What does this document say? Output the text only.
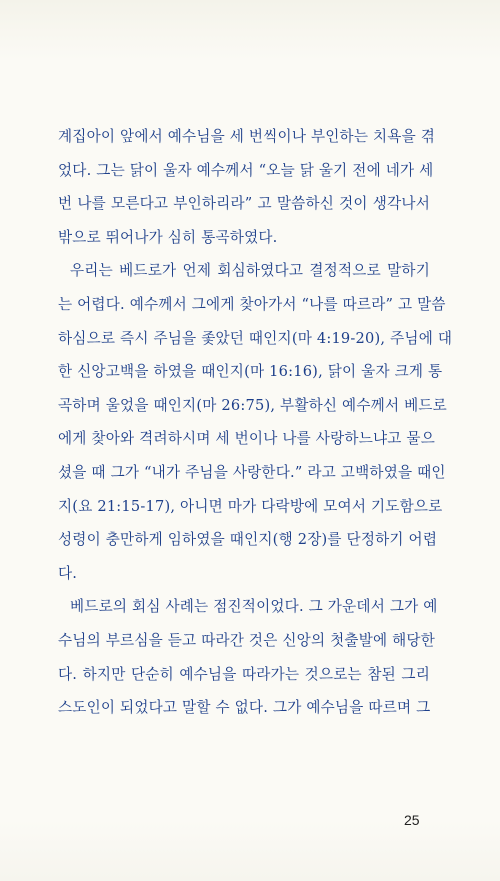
계집아이 앞에서 예수님을 세 번씩이나 부인하는 치욕을 겪
었다. 그는 닭이 울자 예수께서 “오늘 닭 울기 전에 네가 세
번 나를 모른다고 부인하리라” 고 말씀하신 것이 생각나서
밖으로 뛰어나가 심히 통곡하였다.
우리는 베드로가 언제 회심하였다고 결정적으로 말하기
는 어렵다. 예수께서 그에게 찾아가서 “나를 따르라” 고 말씀
하심으로 즉시 주님을 좇았던 때인지(마 4:19-20), 주님에 대
한 신앙고백을 하였을 때인지(마 16:16), 닭이 울자 크게 통
곡하며 울었을 때인지(마 26:75), 부활하신 예수께서 베드로
에게 찾아와 격려하시며 세 번이나 나를 사랑하느냐고 물으
셨을 때 그가 “내가 주님을 사랑한다.” 라고 고백하였을 때인
지(요 21:15-17), 아니면 마가 다락방에 모여서 기도함으로
성령이 충만하게 임하였을 때인지(행 2장)를 단정하기 어렵
다.
베드로의 회심 사례는 점진적이었다. 그 가운데서 그가 예
수님의 부르심을 듣고 따라간 것은 신앙의 첫출발에 해당한
다. 하지만 단순히 예수님을 따라가는 것으로는 참된 그리
스도인이 되었다고 말할 수 없다. 그가 예수님을 따르며 그
25
